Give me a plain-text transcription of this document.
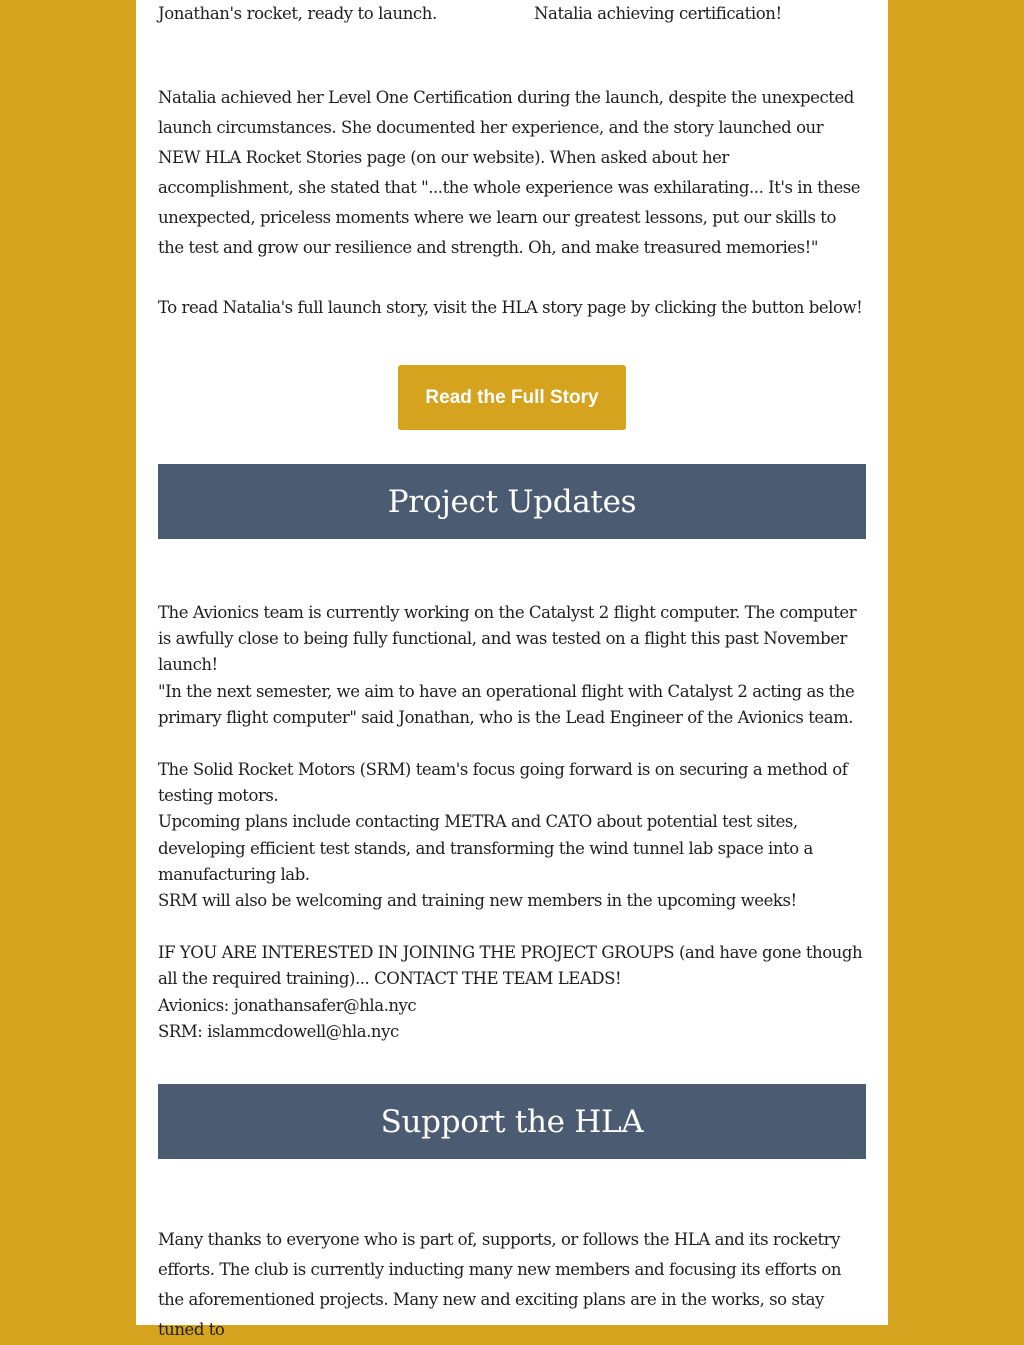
Jonathan's rocket, ready to launch.	Natalia achieving certification!

Natalia achieved her Level One Certification during the launch, despite the unexpected launch circumstances. She documented her experience, and the story launched our NEW HLA Rocket Stories page (on our website). When asked about her accomplishment, she stated that "...the whole experience was exhilarating... It's in these unexpected, priceless moments where we learn our greatest lessons, put our skills to the test and grow our resilience and strength. Oh, and make treasured memories!"

To read Natalia's full launch story, visit the HLA story page by clicking the button below!

Read the Full Story
Project Updates

The Avionics team is currently working on the Catalyst 2 flight computer. The computer is awfully close to being fully functional, and was tested on a flight this past November launch!

"In the next semester, we aim to have an operational flight with Catalyst 2 acting as the primary flight computer" said Jonathan, who is the Lead Engineer of the Avionics team.

The Solid Rocket Motors (SRM) team's focus going forward is on securing a method of testing motors.

Upcoming plans include contacting METRA and CATO about potential test sites, developing efficient test stands, and transforming the wind tunnel lab space into a manufacturing lab.

SRM will also be welcoming and training new members in the upcoming weeks!

IF YOU ARE INTERESTED IN JOINING THE PROJECT GROUPS (and have gone though all the required training)... CONTACT THE TEAM LEADS!

Avionics: jonathansafer@hla.nyc

SRM: islammcdowell@hla.nyc

Support the HLA

Many thanks to everyone who is part of, supports, or follows the HLA and its rocketry efforts. The club is currently inducting many new members and focusing its efforts on the aforementioned projects. Many new and exciting plans are in the works, so stay tuned to
